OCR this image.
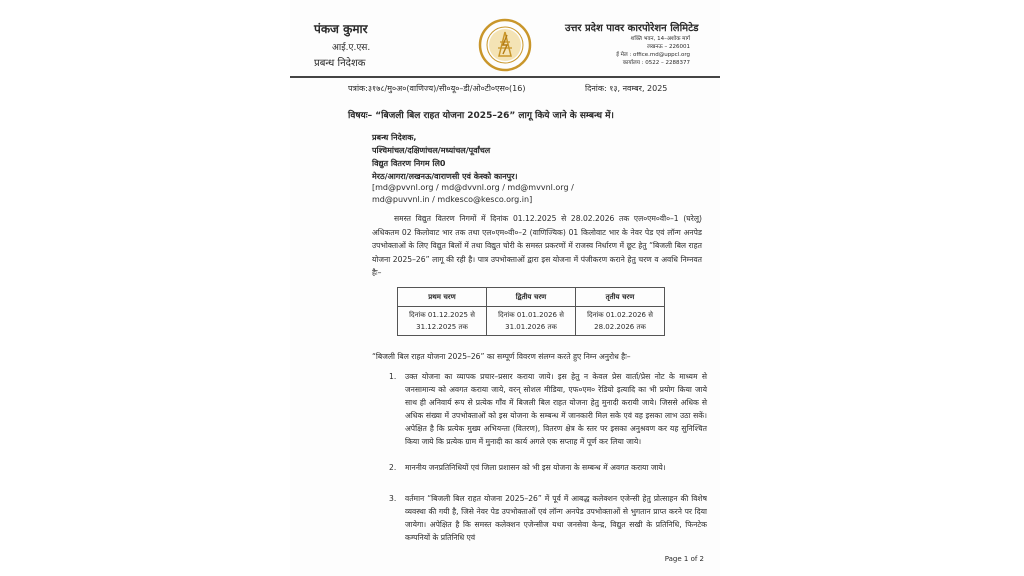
पंकज कुमार
आई.ए.एस.
प्रबन्ध निदेशक
उत्तर प्रदेश पावर कारपोरेशन लिमिटेड
शक्ति भवन, 14–अशोक मार्ग
लखनऊ – 226001
ई मेल : office.md@uppcl.org
कार्यालय : 0522 – 2288377
पत्रांक:३१७८/मु०अ०(वाणिज्य)/सी०यू०–डी/ओ०टी०एस०(16)	दिनांक: १३, नवम्बर, 2025
विषयः– “बिजली बिल राहत योजना 2025–26” लागू किये जाने के सम्बन्ध में।
प्रबन्ध निदेशक,
पश्चिमांचल/दक्षिणांचल/मध्यांचल/पूर्वांचल
विद्युत वितरण निगम लि0
मेरठ/आगरा/लखनऊ/वाराणसी एवं केस्को कानपुर।
[md@pvvnl.org / md@dvvnl.org / md@mvvnl.org /
md@puvvnl.in / mdkesco@kesco.org.in]
समस्त विद्युत वितरण निगमों में दिनांक 01.12.2025 से 28.02.2026 तक एल०एम०वी०–1 (घरेलू) अधिकतम 02 किलोवाट भार तक तथा एल०एम०वी०–2 (वाणिज्यिक) 01 किलोवाट भार के नेवर पेड एवं लॉन्ग अनपेड उपभोक्ताओं के लिए विद्युत बिलों में तथा विद्युत चोरी के समस्त प्रकरणों में राजस्व निर्धारण में छूट हेतु “बिजली बिल राहत योजना 2025–26” लागू की रही है। पात्र उपभोक्ताओं द्वारा इस योजना में पंजीकरण कराने हेतु चरण व अवधि निम्नवत हैः–
प्रथम चरण	द्वितीय चरण	तृतीय चरण
दिनांक 01.12.2025 से 31.12.2025 तक	दिनांक 01.01.2026 से 31.01.2026 तक	दिनांक 01.02.2026 से 28.02.2026 तक
“बिजली बिल राहत योजना 2025–26” का सम्पूर्ण विवरण संलग्न करते हुए निम्न अनुरोध हैः–
1. उक्त योजना का व्यापक प्रचार–प्रसार कराया जाये। इस हेतु न केवल प्रेस वार्ता/प्रेस नोट के माध्यम से जनसामान्य को अवगत कराया जाये, वरन् सोशल मीडिया, एफ०एम० रेडियो इत्यादि का भी प्रयोग किया जाये साथ ही अनिवार्य रूप से प्रत्येक गाँव में बिजली बिल राहत योजना हेतु मुनादी करायी जाये। जिससे अधिक से अधिक संख्या में उपभोक्ताओं को इस योजना के सम्बन्ध में जानकारी मिल सके एवं वह इसका लाभ उठा सकें। अपेक्षित है कि प्रत्येक मुख्य अभियन्ता (वितरण), वितरण क्षेत्र के स्तर पर इसका अनुश्रवण कर यह सुनिश्चित किया जाये कि प्रत्येक ग्राम में मुनादी का कार्य अगले एक सप्ताह में पूर्ण कर लिया जाये।
2. माननीय जनप्रतिनिधियों एवं जिला प्रशासन को भी इस योजना के सम्बन्ध में अवगत कराया जाये।
3. वर्तमान “बिजली बिल राहत योजना 2025–26” में पूर्व में आबद्ध कलेक्शन एजेन्सी हेतु प्रोत्साहन की विशेष व्यवस्था की गयी है, जिसे नेवर पेड उपभोक्ताओं एवं लॉन्ग अनपेड उपभोक्ताओं से भुगतान प्राप्त करने पर दिया जायेगा। अपेक्षित है कि समस्त कलेक्शन एजेन्सीज यथा जनसेवा केन्द्र, विद्युत सखी के प्रतिनिधि, फिनटेक कम्पनियों के प्रतिनिधि एवं
Page 1 of 2
